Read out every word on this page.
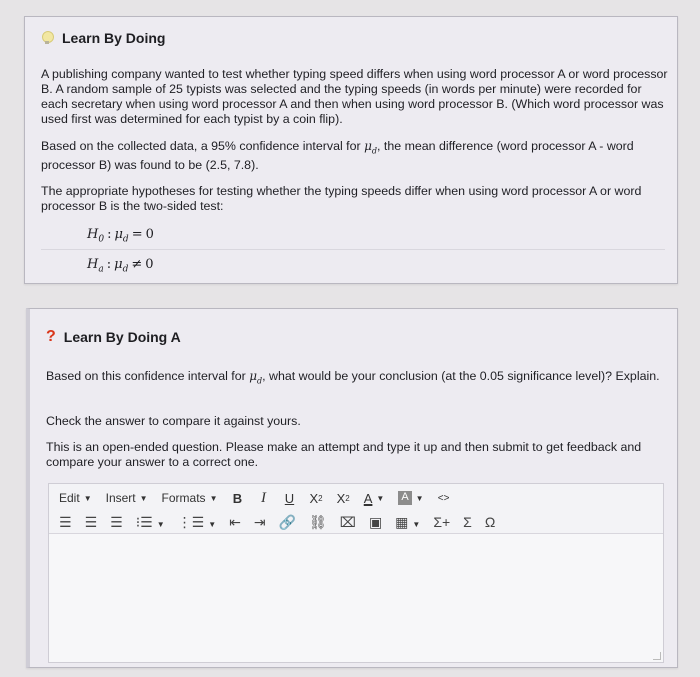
Learn By Doing
A publishing company wanted to test whether typing speed differs when using word processor A or word processor B. A random sample of 25 typists was selected and the typing speeds (in words per minute) were recorded for each secretary when using word processor A and then when using word processor B. (Which word processor was used first was determined for each typist by a coin flip).
Based on the collected data, a 95% confidence interval for $\mu_d$, the mean difference (word processor A - word processor B) was found to be (2.5, 7.8).
The appropriate hypotheses for testing whether the typing speeds differ when using word processor A or word processor B is the two-sided test:
$H_0$ : $\mu_d = 0$
$H_a$ : $\mu_d \ne 0$
? Learn By Doing A
Based on this confidence interval for $\mu_d$, what would be your conclusion (at the 0.05 significance level)? Explain.
Check the answer to compare it against yours.
This is an open-ended question. Please make an attempt and type it up and then submit to get feedback and compare your answer to a correct one.
Edit ▼ Insert ▼ Formats ▼ B I U X 2 X 2 A ▼ A ▼ <>
☰ ☰ ☰ ⁝☰ ▼ ⋮☰ ▼ ⇤ ⇥ 🔗 ⛓ ⌧ ▣ ▦ ▼ Σ+ Σ Ω
